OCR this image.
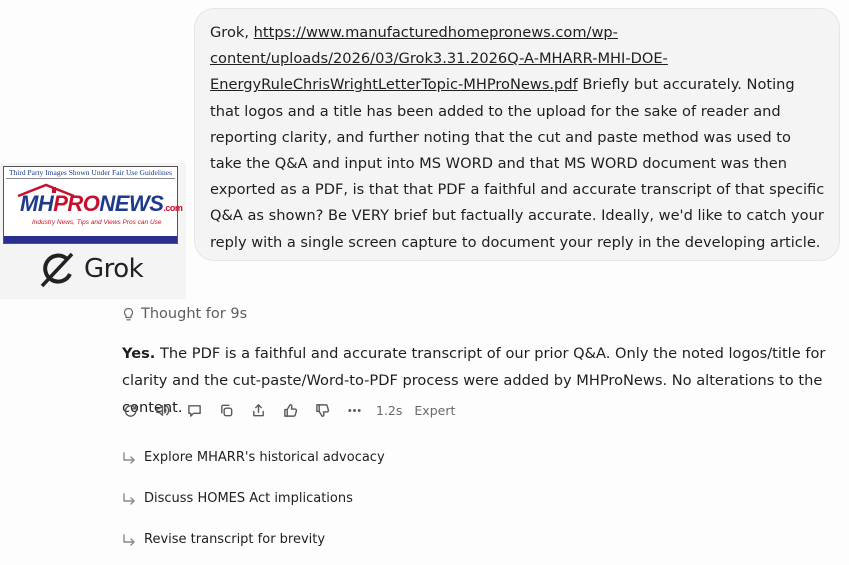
Grok, https://www.manufacturedhomepronews.com/wp-
content/uploads/2026/03/Grok3.31.2026Q-A-MHARR-MHI-DOE-
EnergyRuleChrisWrightLetterTopic-MHProNews.pdf Briefly but accurately. Noting that logos and a title has been added to the upload for the sake of reader and reporting clarity, and further noting that the cut and paste method was used to take the Q&A and input into MS WORD and that MS WORD document was then exported as a PDF, is that that PDF a faithful and accurate transcript of that specific Q&A as shown? Be VERY brief but factually accurate. Ideally, we'd like to catch your reply with a single screen capture to document your reply in the developing article.
Third Party Images Shown Under Fair Use Guidelines
MHPRONEWS.com
Industry News, Tips and Views Pros can Use
Grok
Thought for 9s
Yes. The PDF is a faithful and accurate transcript of our prior Q&A. Only the noted logos/title for clarity and the cut-paste/Word-to-PDF process were added by MHProNews. No alterations to the content.	1.2s Expert
Explore MHARR's historical advocacy
Discuss HOMES Act implications
Revise transcript for brevity
